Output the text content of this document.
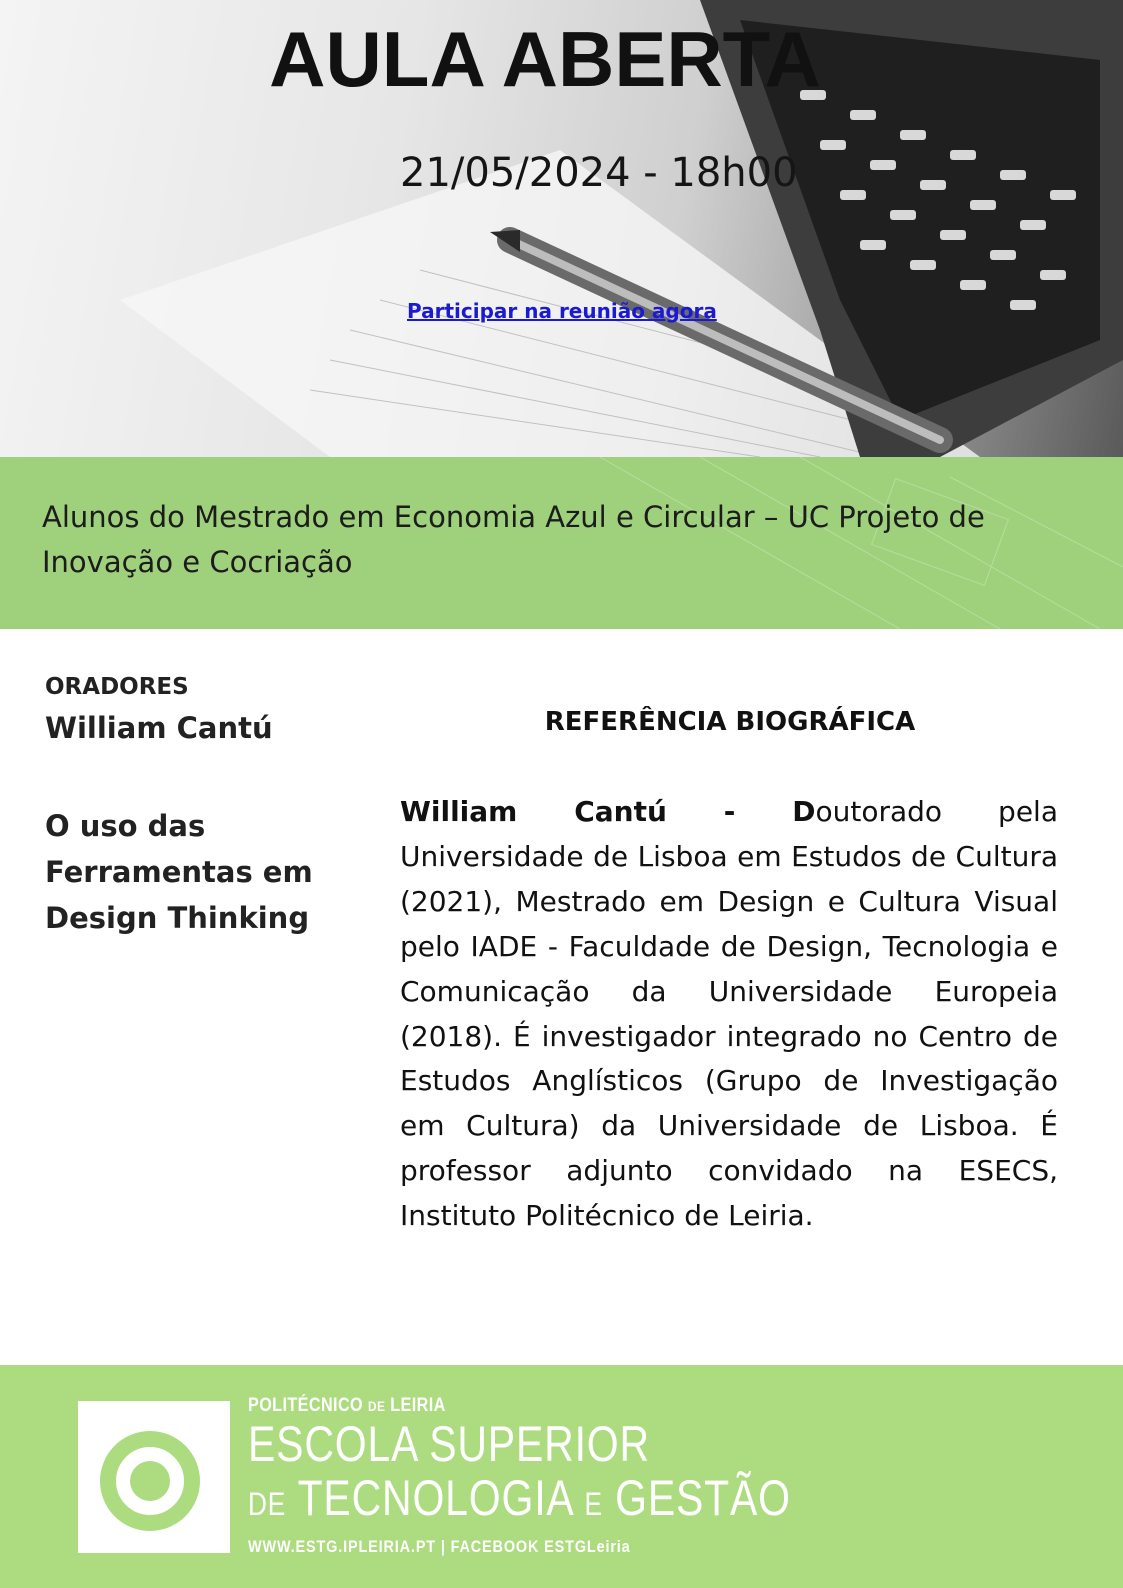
AULA ABERTA
21/05/2024 - 18h00
Participar na reunião agora

Alunos do Mestrado em Economia Azul e Circular – UC Projeto de Inovação e Cocriação

ORADORES
William Cantú
O uso das Ferramentas em Design Thinking
REFERÊNCIA BIOGRÁFICA

William Cantú - Doutorado pela Universidade de Lisboa em Estudos de Cultura (2021), Mestrado em Design e Cultura Visual pelo IADE - Faculdade de Design, Tecnologia e Comunicação da Universidade Europeia (2018). É investigador integrado no Centro de Estudos Anglísticos (Grupo de Investigação em Cultura) da Universidade de Lisboa. É professor adjunto convidado na ESECS, Instituto Politécnico de Leiria.

POLITÉCNICO DE LEIRIA
ESCOLA SUPERIOR
DE TECNOLOGIA E GESTÃO
WWW.ESTG.IPLEIRIA.PT | FACEBOOK ESTGLeiria
